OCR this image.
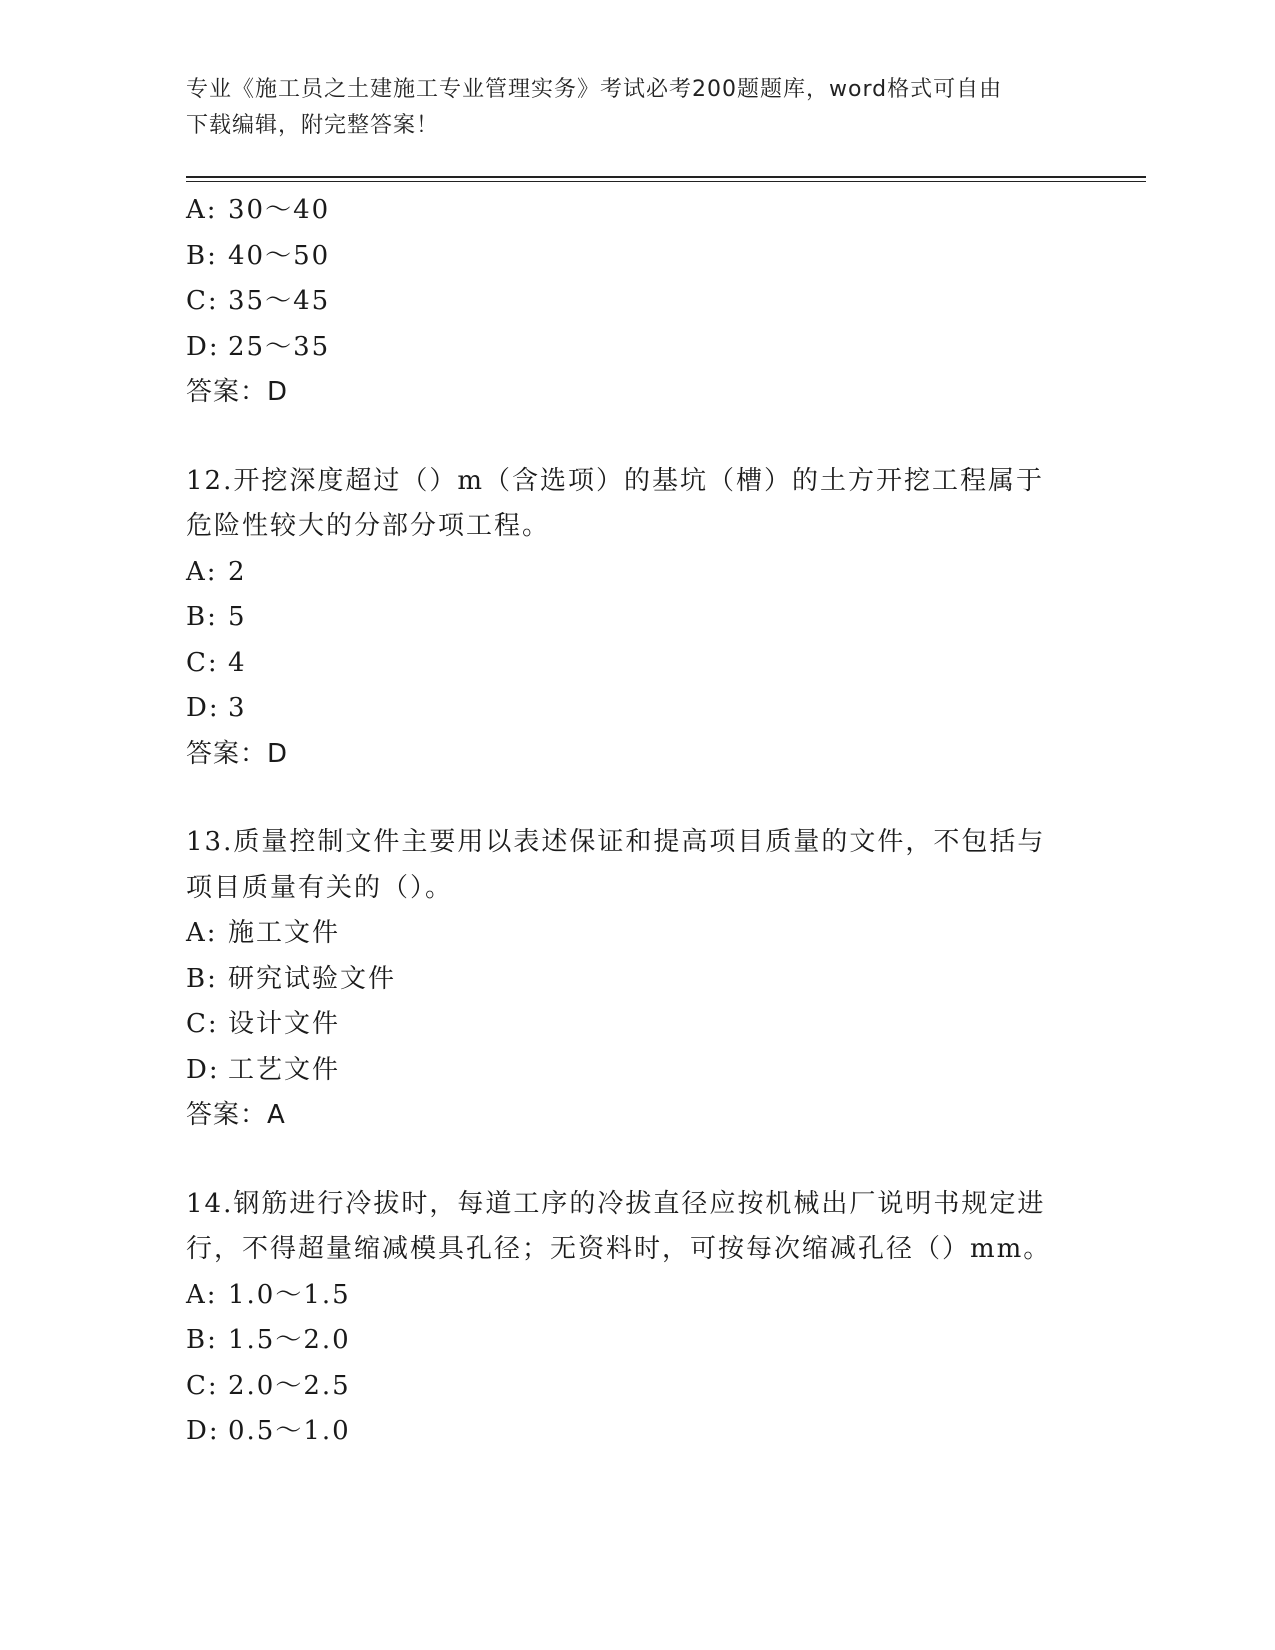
专业《施工员之土建施工专业管理实务》考试必考200题题库，word格式可自由
下载编辑，附完整答案！
A: 30～40
B: 40～50
C: 35～45
D: 25～35
答案：D
12.开挖深度超过（）m（含选项）的基坑（槽）的土方开挖工程属于
危险性较大的分部分项工程。
A: 2
B: 5
C: 4
D: 3
答案：D
13.质量控制文件主要用以表述保证和提高项目质量的文件，不包括与
项目质量有关的（）。
A: 施工文件
B: 研究试验文件
C: 设计文件
D: 工艺文件
答案：A
14.钢筋进行冷拔时，每道工序的冷拔直径应按机械出厂说明书规定进
行，不得超量缩减模具孔径；无资料时，可按每次缩减孔径（）mm。
A: 1.0～1.5
B: 1.5～2.0
C: 2.0～2.5
D: 0.5～1.0
